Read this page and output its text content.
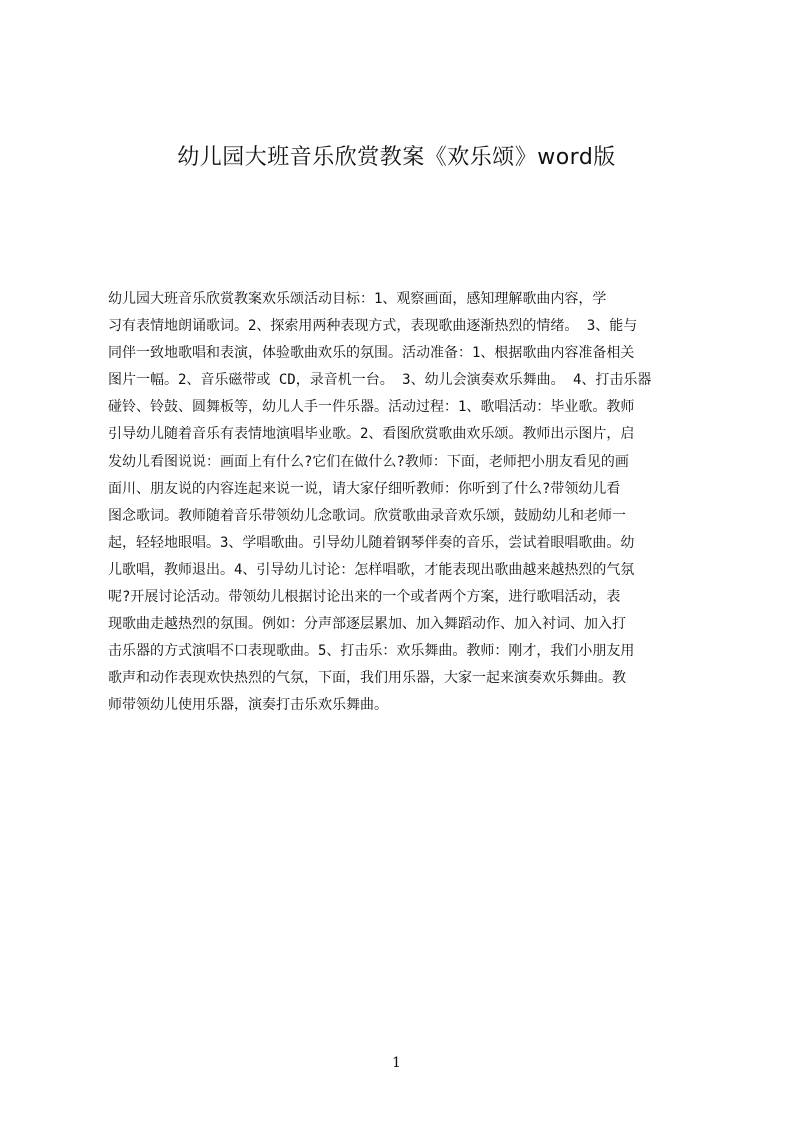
幼儿园大班音乐欣赏教案《欢乐颂》word版
幼儿园大班音乐欣赏教案欢乐颂活动目标：1、观察画面，感知理解歌曲内容，学
习有表情地朗诵歌词。2、探索用两种表现方式，表现歌曲逐渐热烈的情绪。 3、能与
同伴一致地歌唱和表演，体验歌曲欢乐的氛围。活动准备：1、根据歌曲内容准备相关
图片一幅。2、音乐磁带或 CD，录音机一台。 3、幼儿会演奏欢乐舞曲。 4、打击乐器
碰铃、铃鼓、圆舞板等，幼儿人手一件乐器。活动过程：1、歌唱活动：毕业歌。教师
引导幼儿随着音乐有表情地演唱毕业歌。2、看图欣赏歌曲欢乐颂。教师出示图片，启
发幼儿看图说说：画面上有什么?它们在做什么?教师：下面，老师把小朋友看见的画
面川、朋友说的内容连起来说一说，请大家仔细听教师：你听到了什么?带领幼儿看
图念歌词。教师随着音乐带领幼儿念歌词。欣赏歌曲录音欢乐颂，鼓励幼儿和老师一
起，轻轻地眼唱。3、学唱歌曲。引导幼儿随着钢琴伴奏的音乐，尝试着眼唱歌曲。幼
儿歌唱，教师退出。4、引导幼儿讨论：怎样唱歌，才能表现出歌曲越来越热烈的气氛
呢?开展讨论活动。带领幼儿根据讨论出来的一个或者两个方案，进行歌唱活动，表
现歌曲走越热烈的氛围。例如：分声部逐层累加、加入舞蹈动作、加入衬词、加入打
击乐器的方式演唱不口表现歌曲。5、打击乐：欢乐舞曲。教师：刚才，我们小朋友用
歌声和动作表现欢快热烈的气氛，下面，我们用乐器，大家一起来演奏欢乐舞曲。教
师带领幼儿使用乐器，演奏打击乐欢乐舞曲。
1
